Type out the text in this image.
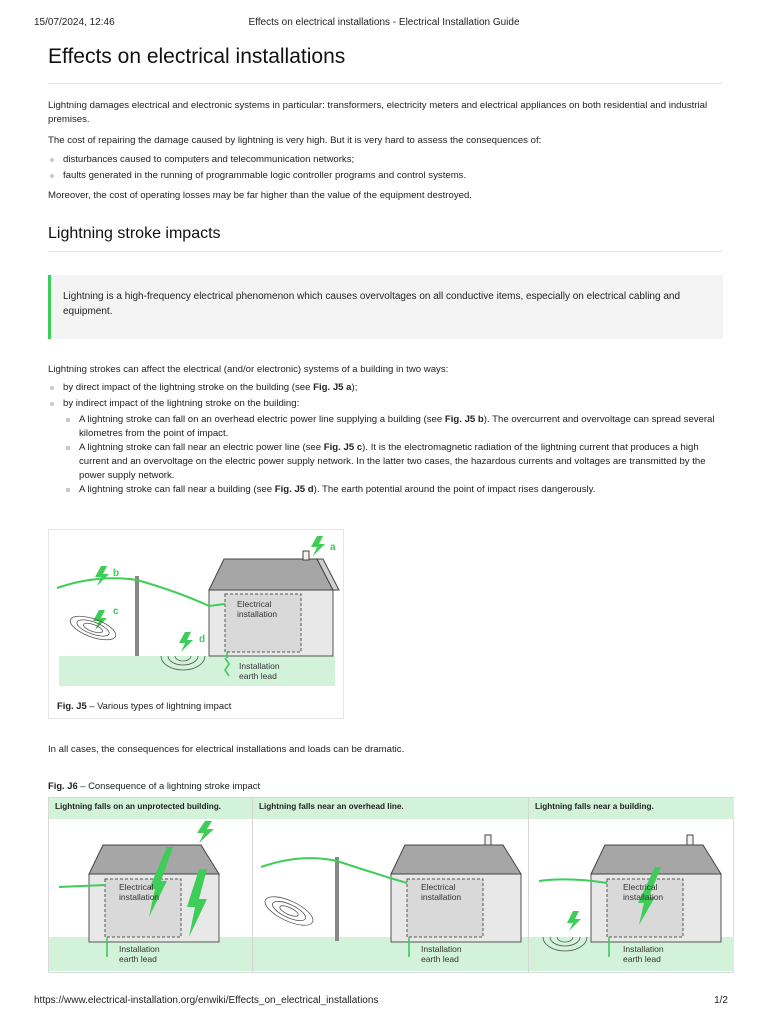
15/07/2024, 12:46	Effects on electrical installations - Electrical Installation Guide
Effects on electrical installations

Lightning damages electrical and electronic systems in particular: transformers, electricity meters and electrical appliances on both residential and industrial premises.

The cost of repairing the damage caused by lightning is very high. But it is very hard to assess the consequences of:

disturbances caused to computers and telecommunication networks;
faults generated in the running of programmable logic controller programs and control systems.

Moreover, the cost of operating losses may be far higher than the value of the equipment destroyed.

Lightning stroke impacts

Lightning is a high-frequency electrical phenomenon which causes overvoltages on all conductive items, especially on electrical cabling and equipment.

Lightning strokes can affect the electrical (and/or electronic) systems of a building in two ways:

by direct impact of the lightning stroke on the building (see Fig. J5 a);
by indirect impact of the lightning stroke on the building:
A lightning stroke can fall on an overhead electric power line supplying a building (see Fig. J5 b). The overcurrent and overvoltage can spread several kilometres from the point of impact.
A lightning stroke can fall near an electric power line (see Fig. J5 c). It is the electromagnetic radiation of the lightning current that produces a high current and an overvoltage on the electric power supply network. In the latter two cases, the hazardous currents and voltages are transmitted by the power supply network.
A lightning stroke can fall near a building (see Fig. J5 d). The earth potential around the point of impact rises dangerously.
a
b
c
d
Electrical
installation
Installation
earth lead
Fig. J5 – Various types of lightning impact

In all cases, the consequences for electrical installations and loads can be dramatic.

Fig. J6 – Consequence of a lightning stroke impact
Lightning falls on an unprotected building.	Lightning falls near an overhead line.	Lightning falls near a building.
Electrical
installation
Installation
earth lead
Electrical
installation
Installation
earth lead
Electrical
installation
Installation
earth lead
https://www.electrical-installation.org/enwiki/Effects_on_electrical_installations	1/2
